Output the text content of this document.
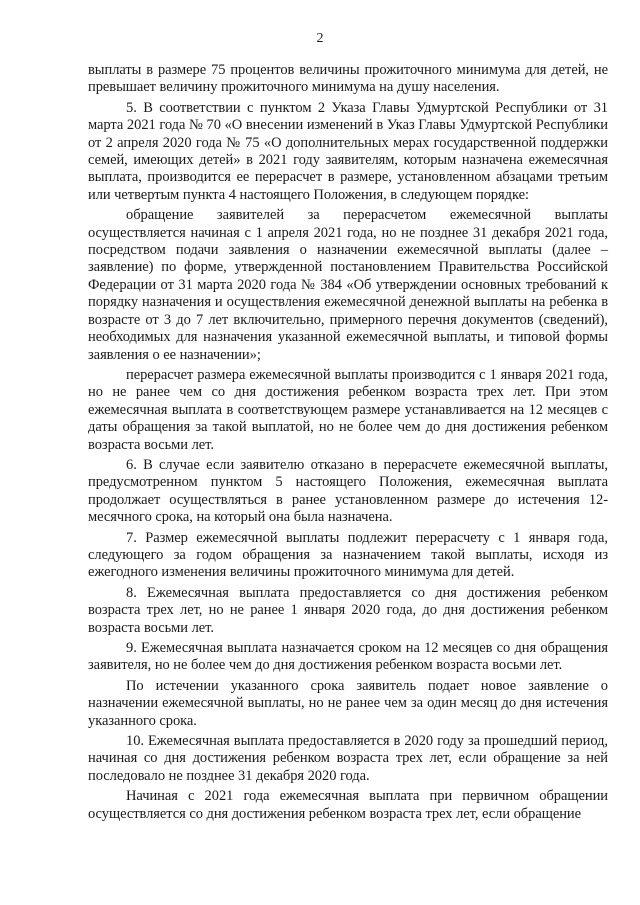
2

выплаты в размере 75 процентов величины прожиточного минимума для детей, не превышает величину прожиточного минимума на душу населения.

5. В соответствии с пунктом 2 Указа Главы Удмуртской Республики от 31 марта 2021 года № 70 «О внесении изменений в Указ Главы Удмуртской Республики от 2 апреля 2020 года № 75 «О дополнительных мерах государственной поддержки семей, имеющих детей» в 2021 году заявителям, которым назначена ежемесячная выплата, производится ее перерасчет в размере, установленном абзацами третьим или четвертым пункта 4 настоящего Положения, в следующем порядке:

обращение заявителей за перерасчетом ежемесячной выплаты осуществляется начиная с 1 апреля 2021 года, но не позднее 31 декабря 2021 года, посредством подачи заявления о назначении ежемесячной выплаты (далее – заявление) по форме, утвержденной постановлением Правительства Российской Федерации от 31 марта 2020 года № 384 «Об утверждении основных требований к порядку назначения и осуществления ежемесячной денежной выплаты на ребенка в возрасте от 3 до 7 лет включительно, примерного перечня документов (сведений), необходимых для назначения указанной ежемесячной выплаты, и типовой формы заявления о ее назначении»;

перерасчет размера ежемесячной выплаты производится с 1 января 2021 года, но не ранее чем со дня достижения ребенком возраста трех лет. При этом ежемесячная выплата в соответствующем размере устанавливается на 12 месяцев с даты обращения за такой выплатой, но не более чем до дня достижения ребенком возраста восьми лет.

6. В случае если заявителю отказано в перерасчете ежемесячной выплаты, предусмотренном пунктом 5 настоящего Положения, ежемесячная выплата продолжает осуществляться в ранее установленном размере до истечения 12-месячного срока, на который она была назначена.

7. Размер ежемесячной выплаты подлежит перерасчету с 1 января года, следующего за годом обращения за назначением такой выплаты, исходя из ежегодного изменения величины прожиточного минимума для детей.

8. Ежемесячная выплата предоставляется со дня достижения ребенком возраста трех лет, но не ранее 1 января 2020 года, до дня достижения ребенком возраста восьми лет.

9. Ежемесячная выплата назначается сроком на 12 месяцев со дня обращения заявителя, но не более чем до дня достижения ребенком возраста восьми лет.

По истечении указанного срока заявитель подает новое заявление о назначении ежемесячной выплаты, но не ранее чем за один месяц до дня истечения указанного срока.

10. Ежемесячная выплата предоставляется в 2020 году за прошедший период, начиная со дня достижения ребенком возраста трех лет, если обращение за ней последовало не позднее 31 декабря 2020 года.

Начиная с 2021 года ежемесячная выплата при первичном обращении осуществляется со дня достижения ребенком возраста трех лет, если обращение
